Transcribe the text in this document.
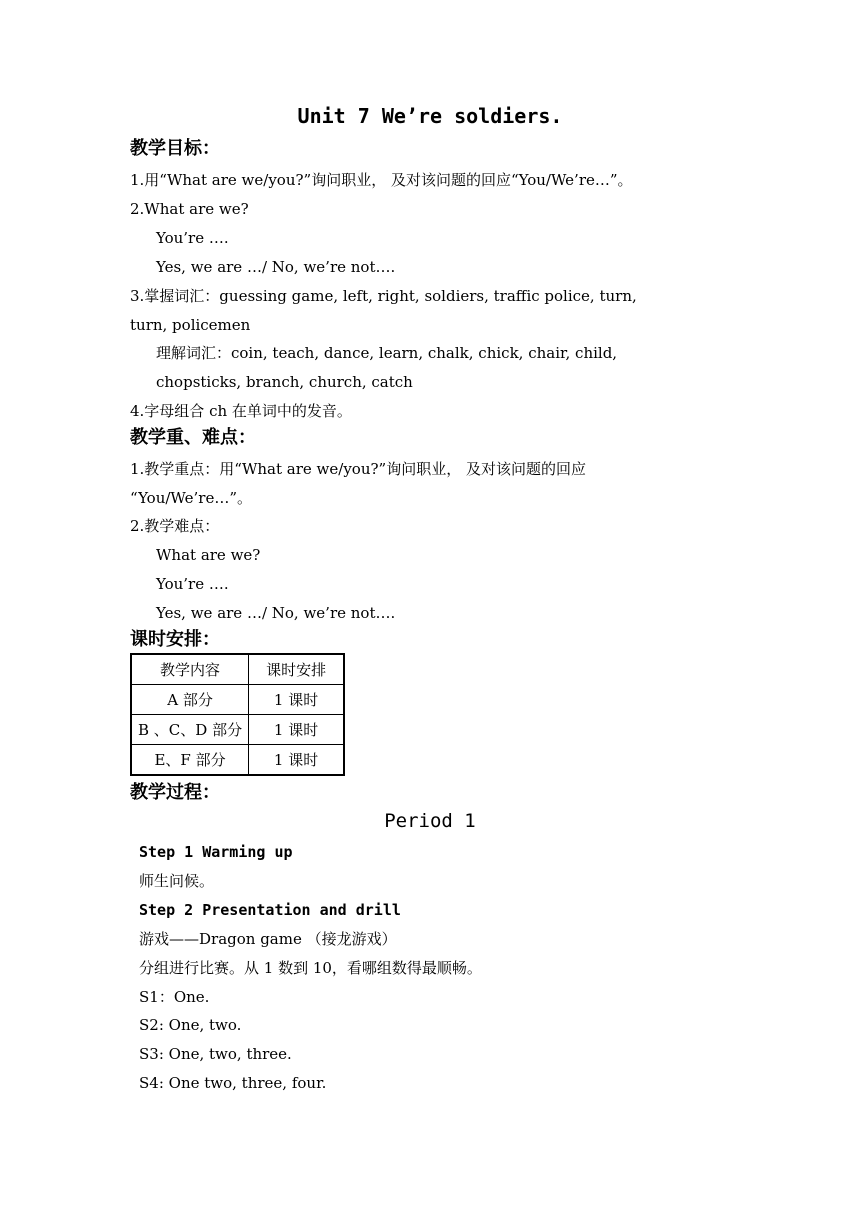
Unit 7 We’re soldiers.
教学目标：
1.用“What are we/you?”询问职业， 及对该问题的回应“You/We’re…”。
2.What are we?
You’re ….
Yes, we are …/ No, we’re not….
3.掌握词汇：guessing game, left, right, soldiers, traffic police, turn,
turn, policemen
理解词汇：coin, teach, dance, learn, chalk, chick, chair, child,
chopsticks, branch, church, catch
4.字母组合 ch 在单词中的发音。
教学重、难点：
1.教学重点：用“What are we/you?”询问职业， 及对该问题的回应
“You/We’re…”。
2.教学难点：
What are we?
You’re ….
Yes, we are …/ No, we’re not….
课时安排：
教学内容	课时安排
A 部分	1 课时
B 、C、D 部分	1 课时
E、F 部分	1 课时
教学过程：
Period 1
Step 1 Warming up
师生问候。
Step 2 Presentation and drill
游戏——Dragon game （接龙游戏）
分组进行比赛。从 1 数到 10，看哪组数得最顺畅。
S1：One.
S2: One, two.
S3: One, two, three.
S4: One two, three, four.
